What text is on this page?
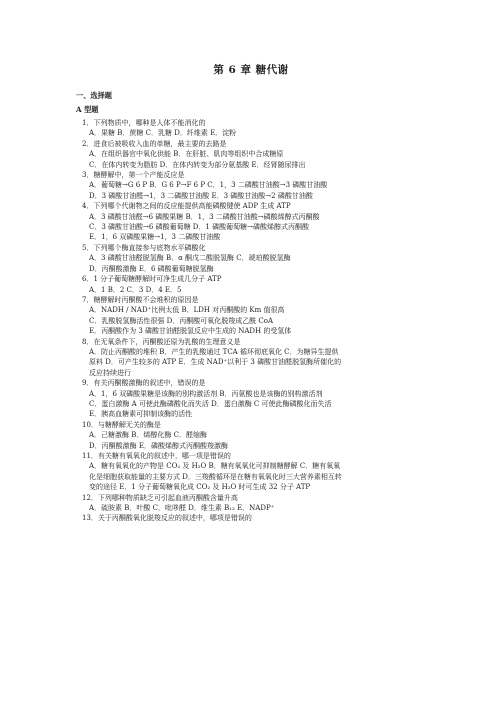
第 6 章 糖代谢
一、选择题
A 型题
1．下列物质中，哪种是人体不能消化的
A．果糖 B．蔗糖 C．乳糖 D．纤维素 E．淀粉
2．进食后被吸收入血的单糖，最主要的去路是
A．在组织器官中氧化供能 B．在肝脏、肌肉等组织中合成糖原
C．在体内转变为脂肪 D．在体内转变为部分氨基酸 E．经肾随尿排出
3．糖酵解中，第一个产能反应是
A．葡萄糖→G 6 P B．G 6 P→F 6 P C．1，3 二磷酸甘油酸→3 磷酸甘油酸
D．3 磷酸甘油醛→1，3 二磷酸甘油酸 E．3 磷酸甘油酸→2 磷酸甘油酸
4．下列哪个代谢物之间的反应能提供高能磷酸键使 ADP 生成 ATP
A．3 磷酸甘油醛→6 磷酸果糖 B．1，3 二磷酸甘油酸→磷酸烯醇式丙酮酸
C．3 磷酸甘油酸→6 磷酸葡萄糖 D．1 磷酸葡萄糖→磷酸烯醇式丙酮酸
E．1，6 双磷酸果糖→1，3 二磷酸甘油酸
5．下列哪个酶直接参与底物水平磷酸化
A．3 磷酸甘油醛脱氢酶 B．α 酮戊二酸脱氢酶 C．琥珀酸脱氢酶
D．丙酮酸激酶 E．6 磷酸葡萄糖脱氢酶
6．1 分子葡萄糖酵解时可净生成几分子 ATP
A．1 B．2 C．3 D．4 E．5
7．糖酵解时丙酮酸不会堆积的原因是
A．NADH / NAD⁺比例太低 B．LDH 对丙酮酸的 Km 值很高
C．乳酸脱氢酶活性很强 D．丙酮酸可氧化脱羧成乙酰 CoA
E．丙酮酸作为 3 磷酸甘油醛脱氢反应中生成的 NADH 的受氢体
8．在无氧条件下，丙酮酸还原为乳酸的生理意义是
A．防止丙酮酸的堆积 B．产生的乳酸通过 TCA 循环彻底氧化 C．为糖异生提供
原料 D．可产生较多的 ATP E．生成 NAD⁺以利于 3 磷酸甘油醛脱氢酶所催化的
反应持续进行
9．有关丙酮酸激酶的叙述中，错误的是
A．1，6 双磷酸果糖是该酶的别构激活剂 B．丙氨酸也是该酶的别构激活剂
C．蛋白激酶 A 可使此酶磷酸化而失活 D．蛋白激酶 C 可使此酶磷酸化而失活
E．胰高血糖素可抑制该酶的活性
10．与糖酵解无关的酶是
A．己糖激酶 B．烯醇化酶 C．醛缩酶
D．丙酮酸激酶 E．磷酸烯醇式丙酮酸羧激酶
11．有关糖有氧氧化的叙述中，哪一项是错误的
A．糖有氧氧化的产物是 CO₂ 及 H₂O B．糖有氧氧化可抑制糖酵解 C．糖有氧氧
化是细胞获取能量的主要方式 D．三羧酸循环是在糖有氧氧化时三大营养素相互转
变的途径 E．1 分子葡萄糖氧化成 CO₂ 及 H₂O 时可生成 32 分子 ATP
12．下列哪种物质缺乏可引起血液丙酮酸含量升高
A．硫胺素 B．叶酸 C．吡哆醛 D．维生素 B₁₂ E．NADP⁺
13．关于丙酮酸氧化脱羧反应的叙述中，哪项是错误的
